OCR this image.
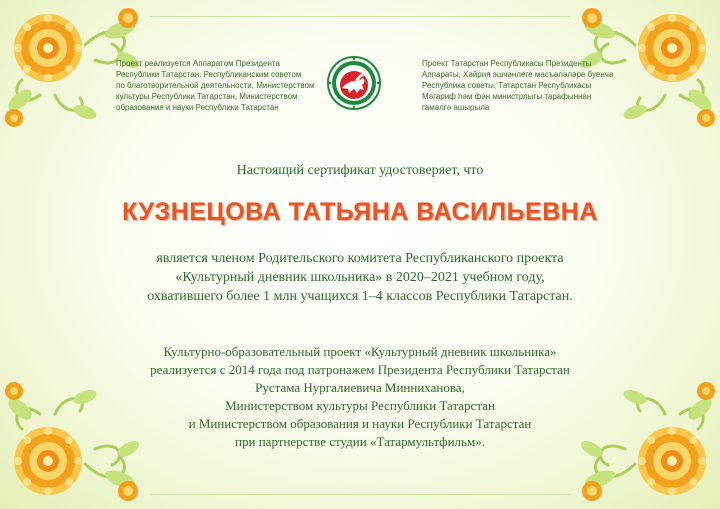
Проект реализуется Аппаратом Президента
Республики Татарстан, Республиканским советом
по благотворительной деятельности, Министерством
культуры Республики Татарстан, Министерством
образования и науки Республики Татарстан
Проект Татарстан Республикасы Президенты
Аппараты, Хәйрия эшчәнлеге масъәләләре буенча
Республика советы, Татарстан Республикасы
Мәгариф һәм фән министрлыгы тарафыннан
гамәлгә ашырыла
Настоящий сертификат удостоверяет, что
КУЗНЕЦОВА ТАТЬЯНА ВАСИЛЬЕВНА
является членом Родительского комитета Республиканского проекта
«Культурный дневник школьника» в 2020–2021 учебном году,
охватившего более 1 млн учащихся 1–4 классов Республики Татарстан.
Культурно-образовательный проект «Культурный дневник школьника»
реализуется с 2014 года под патронажем Президента Республики Татарстан
Рустама Нургалиевича Минниханова,
Министерством культуры Республики Татарстан
и Министерством образования и науки Республики Татарстан
при партнерстве студии «Татармультфильм».
